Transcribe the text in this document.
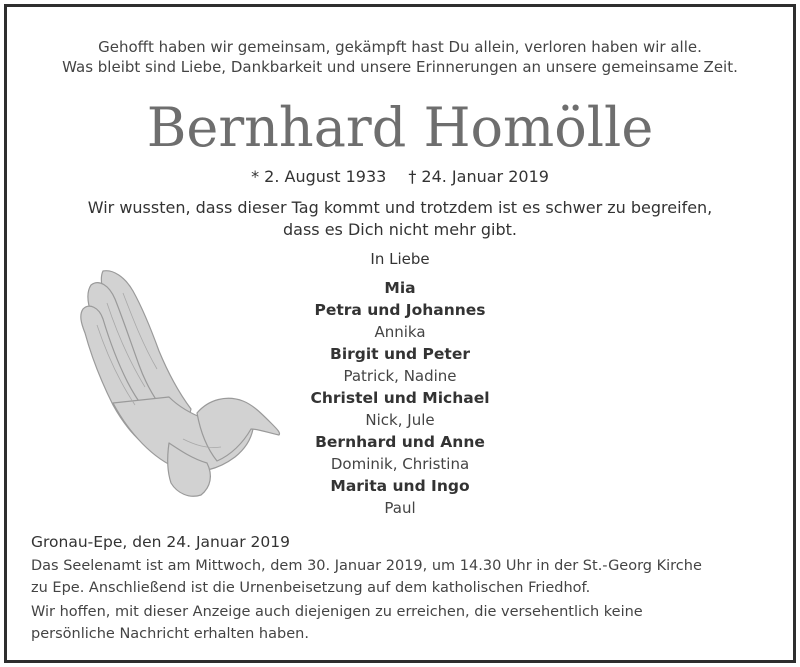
Gehofft haben wir gemeinsam, gekämpft hast Du allein, verloren haben wir alle.
Was bleibt sind Liebe, Dankbarkeit und unsere Erinnerungen an unsere gemeinsame Zeit.
Bernhard Homölle
* 2. August 1933 † 24. Januar 2019
Wir wussten, dass dieser Tag kommt und trotzdem ist es schwer zu begreifen,
dass es Dich nicht mehr gibt.
In Liebe
Mia
Petra und Johannes
Annika
Birgit und Peter
Patrick, Nadine
Christel und Michael
Nick, Jule
Bernhard und Anne
Dominik, Christina
Marita und Ingo
Paul
Gronau-Epe, den 24. Januar 2019

Das Seelenamt ist am Mittwoch, dem 30. Januar 2019, um 14.30 Uhr in der St.-Georg Kirche
zu Epe. Anschließend ist die Urnenbeisetzung auf dem katholischen Friedhof.

Wir hoffen, mit dieser Anzeige auch diejenigen zu erreichen, die versehentlich keine
persönliche Nachricht erhalten haben.
